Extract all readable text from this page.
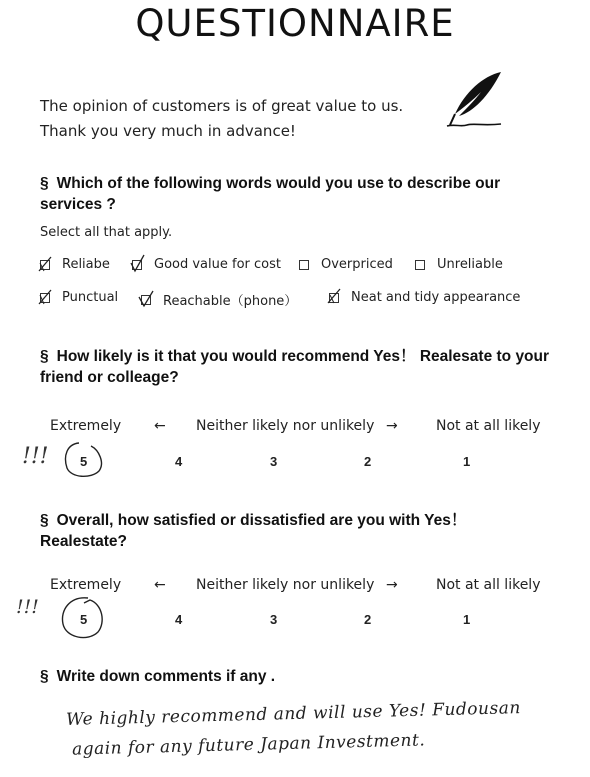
QUESTIONNAIRE
The opinion of customers is of great value to us.
Thank you very much in advance!
§ Which of the following words would you use to describe our services ?
Select all that apply.
Reliabe	Good value for cost	Overpriced	Unreliable
Punctual	Reachable（phone）	Neat and tidy appearance
§ How likely is it that you would recommend Yes！ Realesate to your friend or colleage?
Extremely ← Neither likely nor unlikely →	Not at all likely
!!! 5	4	3	2	1
§ Overall, how satisfied or dissatisfied are you with Yes！ Realestate?
Extremely ← Neither likely nor unlikely →	Not at all likely
!!!
5	4	3	2	1
§ Write down comments if any .
We highly recommend and will use Yes! Fudousan
again for any future Japan Investment.
